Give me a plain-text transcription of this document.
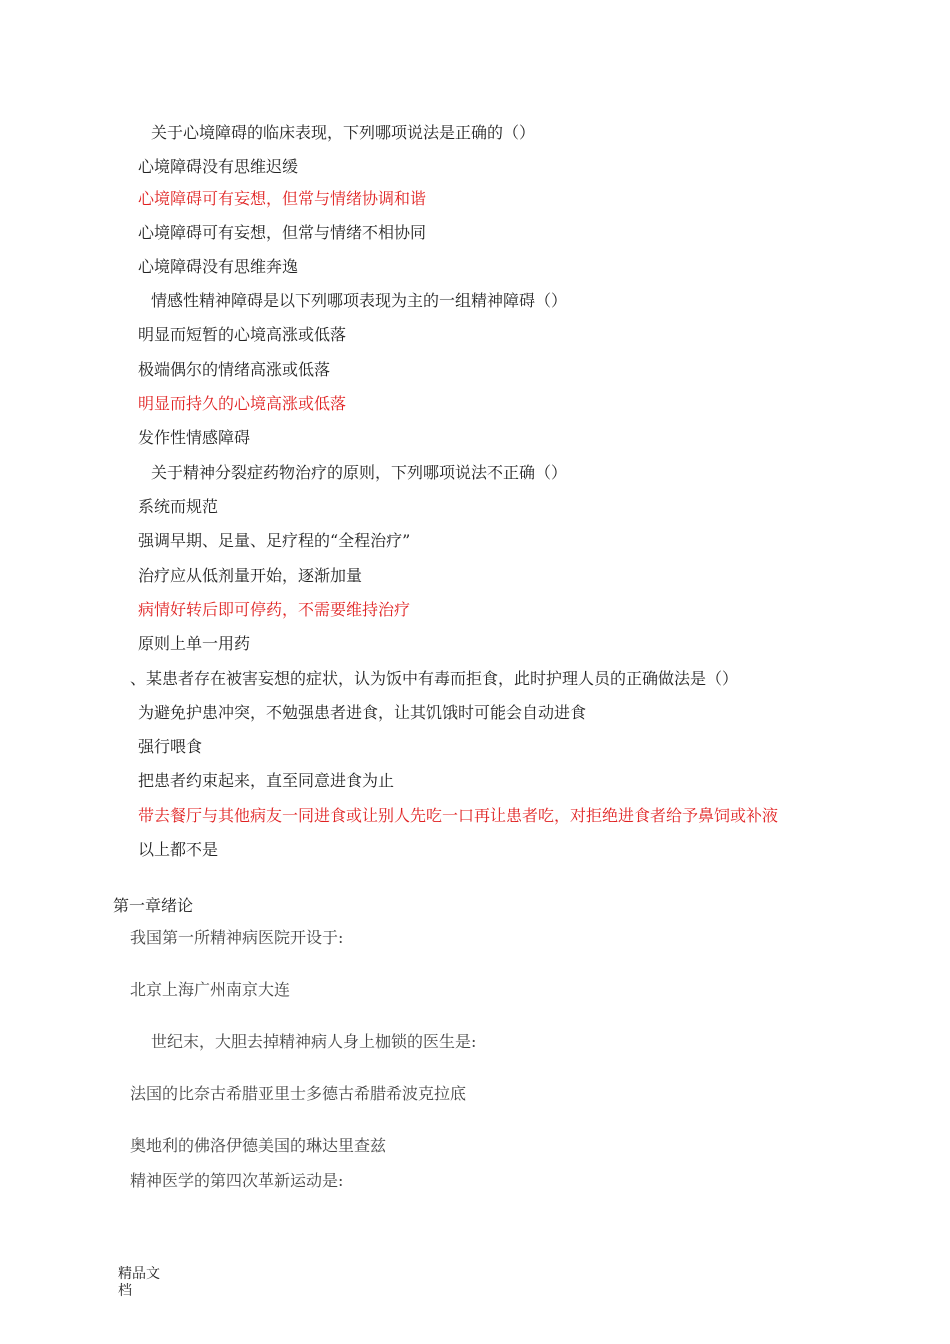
关于心境障碍的临床表现，下列哪项说法是正确的（）
心境障碍没有思维迟缓
心境障碍可有妄想，但常与情绪协调和谐
心境障碍可有妄想，但常与情绪不相协同
心境障碍没有思维奔逸
情感性精神障碍是以下列哪项表现为主的一组精神障碍（）
明显而短暂的心境高涨或低落
极端偶尔的情绪高涨或低落
明显而持久的心境高涨或低落
发作性情感障碍
关于精神分裂症药物治疗的原则，下列哪项说法不正确（）
系统而规范
强调早期、足量、足疗程的“全程治疗”
治疗应从低剂量开始，逐渐加量
病情好转后即可停药，不需要维持治疗
原则上单一用药
、某患者存在被害妄想的症状，认为饭中有毒而拒食，此时护理人员的正确做法是（）
为避免护患冲突，不勉强患者进食，让其饥饿时可能会自动进食
强行喂食
把患者约束起来，直至同意进食为止
带去餐厅与其他病友一同进食或让别人先吃一口再让患者吃，对拒绝进食者给予鼻饲或补液
以上都不是
第一章绪论
我国第一所精神病医院开设于:
北京上海广州南京大连
世纪末，大胆去掉精神病人身上枷锁的医生是:
法国的比奈古希腊亚里士多德古希腊希波克拉底
奥地利的佛洛伊德美国的琳达里查兹
精神医学的第四次革新运动是:
精品文
档
